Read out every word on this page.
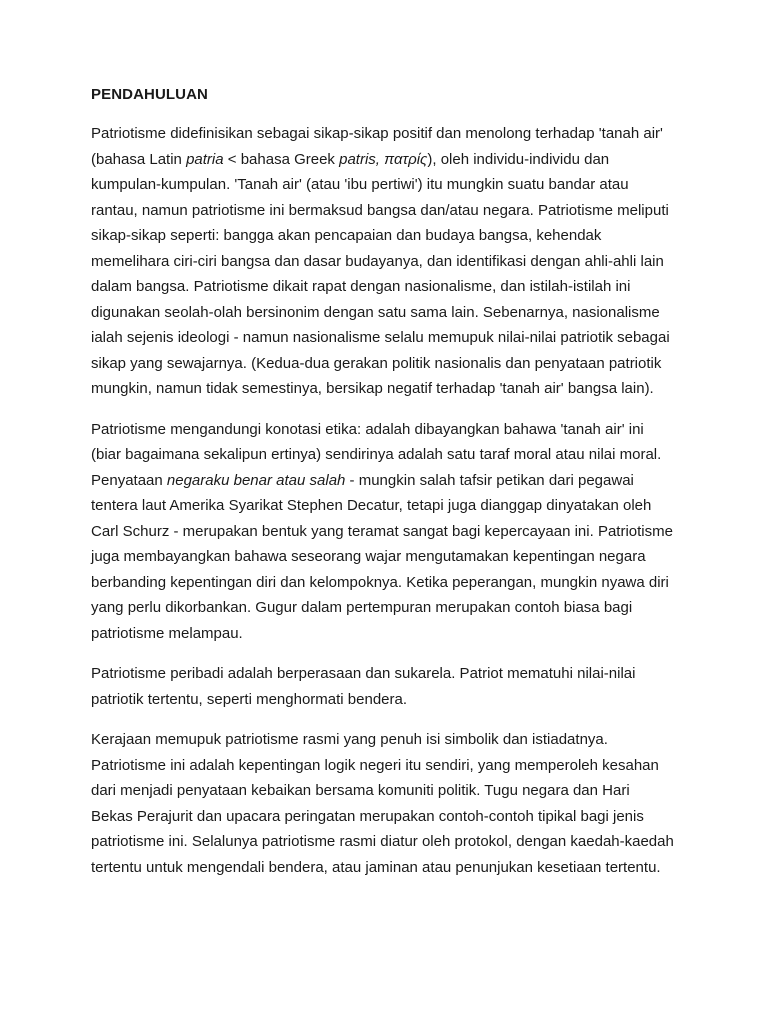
PENDAHULUAN
Patriotisme didefinisikan sebagai sikap-sikap positif dan menolong terhadap 'tanah air'
(bahasa Latin patria < bahasa Greek patris, πατρίς), oleh individu-individu dan
kumpulan-kumpulan. 'Tanah air' (atau 'ibu pertiwi') itu mungkin suatu bandar atau
rantau, namun patriotisme ini bermaksud bangsa dan/atau negara. Patriotisme meliputi
sikap-sikap seperti: bangga akan pencapaian dan budaya bangsa, kehendak
memelihara ciri-ciri bangsa dan dasar budayanya, dan identifikasi dengan ahli-ahli lain
dalam bangsa. Patriotisme dikait rapat dengan nasionalisme, dan istilah-istilah ini
digunakan seolah-olah bersinonim dengan satu sama lain. Sebenarnya, nasionalisme
ialah sejenis ideologi - namun nasionalisme selalu memupuk nilai-nilai patriotik sebagai
sikap yang sewajarnya. (Kedua-dua gerakan politik nasionalis dan penyataan patriotik
mungkin, namun tidak semestinya, bersikap negatif terhadap 'tanah air' bangsa lain).
Patriotisme mengandungi konotasi etika: adalah dibayangkan bahawa 'tanah air' ini
(biar bagaimana sekalipun ertinya) sendirinya adalah satu taraf moral atau nilai moral.
Penyataan negaraku benar atau salah - mungkin salah tafsir petikan dari pegawai
tentera laut Amerika Syarikat Stephen Decatur, tetapi juga dianggap dinyatakan oleh
Carl Schurz - merupakan bentuk yang teramat sangat bagi kepercayaan ini. Patriotisme
juga membayangkan bahawa seseorang wajar mengutamakan kepentingan negara
berbanding kepentingan diri dan kelompoknya. Ketika peperangan, mungkin nyawa diri
yang perlu dikorbankan. Gugur dalam pertempuran merupakan contoh biasa bagi
patriotisme melampau.
Patriotisme peribadi adalah berperasaan dan sukarela. Patriot mematuhi nilai-nilai
patriotik tertentu, seperti menghormati bendera.
Kerajaan memupuk patriotisme rasmi yang penuh isi simbolik dan istiadatnya.
Patriotisme ini adalah kepentingan logik negeri itu sendiri, yang memperoleh kesahan
dari menjadi penyataan kebaikan bersama komuniti politik. Tugu negara dan Hari
Bekas Perajurit dan upacara peringatan merupakan contoh-contoh tipikal bagi jenis
patriotisme ini. Selalunya patriotisme rasmi diatur oleh protokol, dengan kaedah-kaedah
tertentu untuk mengendali bendera, atau jaminan atau penunjukan kesetiaan tertentu.
